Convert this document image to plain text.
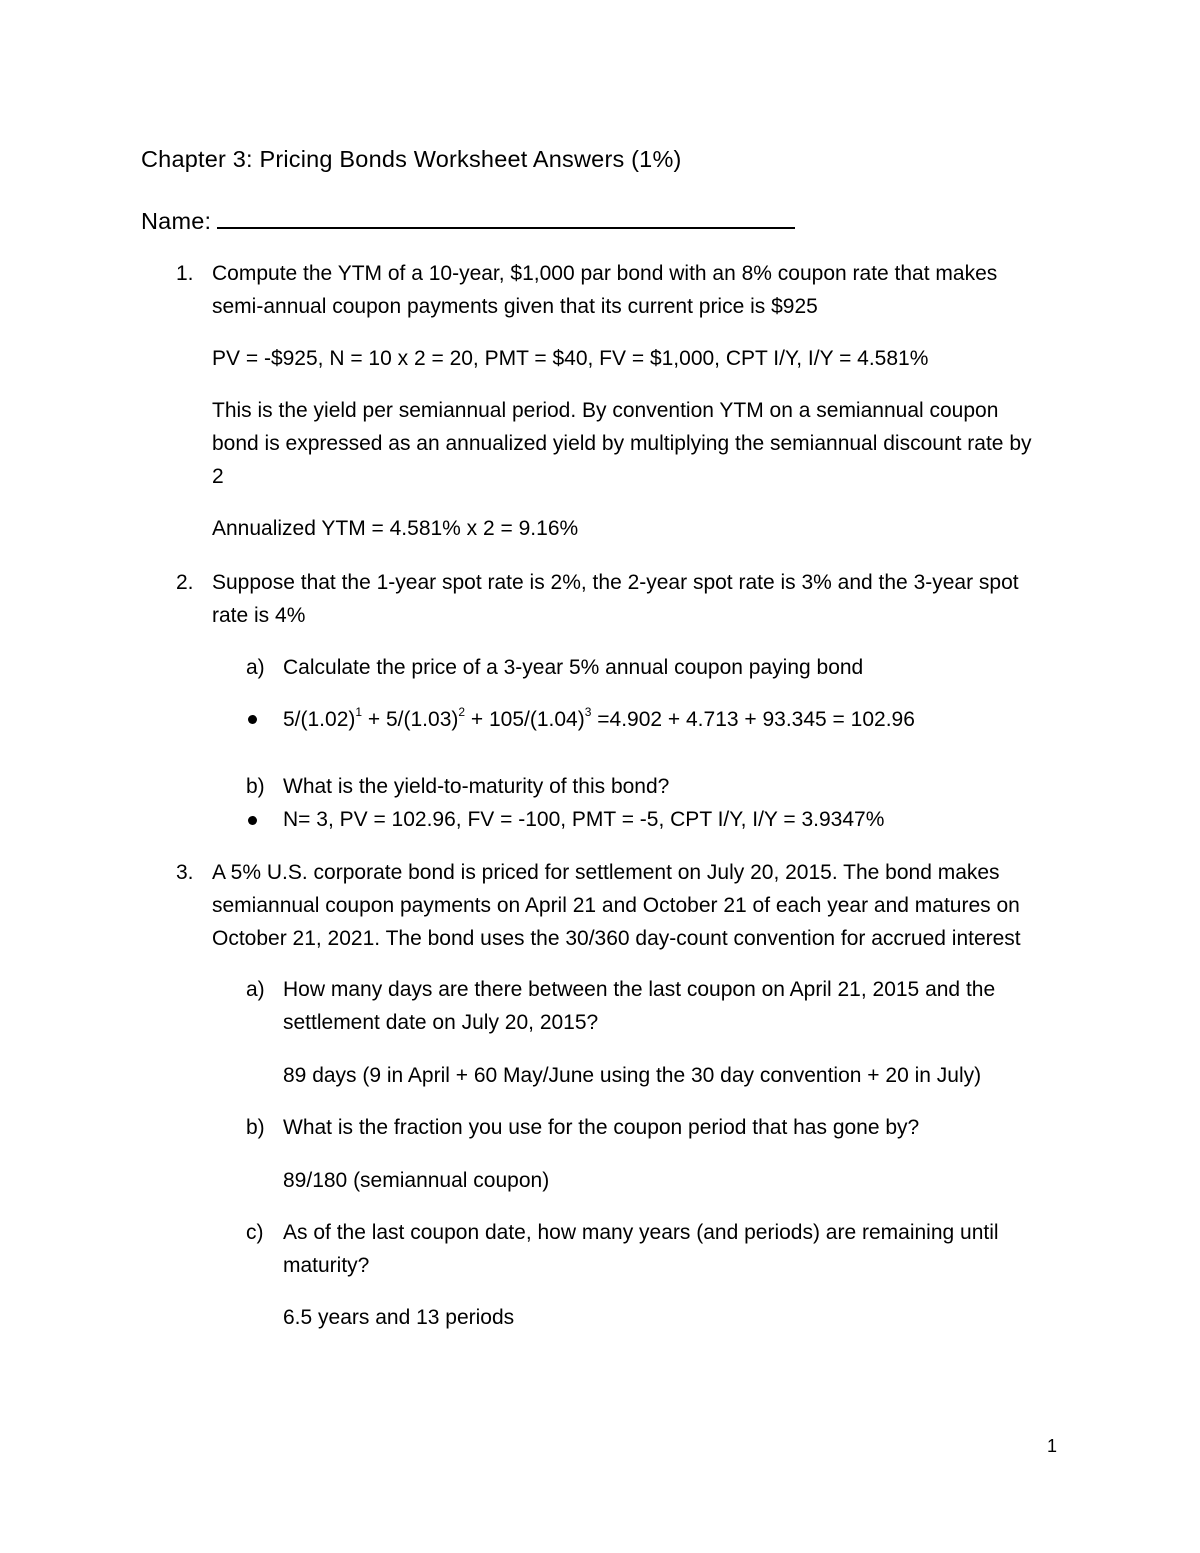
Chapter 3: Pricing Bonds Worksheet Answers (1%)
Name:
1. Compute the YTM of a 10-year, $1,000 par bond with an 8% coupon rate that makes
semi-annual coupon payments given that its current price is $925
PV = -$925, N = 10 x 2 = 20, PMT = $40, FV = $1,000, CPT I/Y, I/Y = 4.581%
This is the yield per semiannual period. By convention YTM on a semiannual coupon
bond is expressed as an annualized yield by multiplying the semiannual discount rate by
2
Annualized YTM = 4.581% x 2 = 9.16%
2. Suppose that the 1-year spot rate is 2%, the 2-year spot rate is 3% and the 3-year spot
rate is 4%
a) Calculate the price of a 3-year 5% annual coupon paying bond
$5/(1.02)^1 + 5/(1.03)^2 + 105/(1.04)^3 =4.902 + 4.713 + 93.345 = 102.96$
b) What is the yield-to-maturity of this bond?
N= 3, PV = 102.96, FV = -100, PMT = -5, CPT I/Y, I/Y = 3.9347%
3. A 5% U.S. corporate bond is priced for settlement on July 20, 2015. The bond makes
semiannual coupon payments on April 21 and October 21 of each year and matures on
October 21, 2021. The bond uses the 30/360 day-count convention for accrued interest
a) How many days are there between the last coupon on April 21, 2015 and the
settlement date on July 20, 2015?
89 days (9 in April + 60 May/June using the 30 day convention + 20 in July)
b) What is the fraction you use for the coupon period that has gone by?
89/180 (semiannual coupon)
c) As of the last coupon date, how many years (and periods) are remaining until
maturity?
6.5 years and 13 periods
1
